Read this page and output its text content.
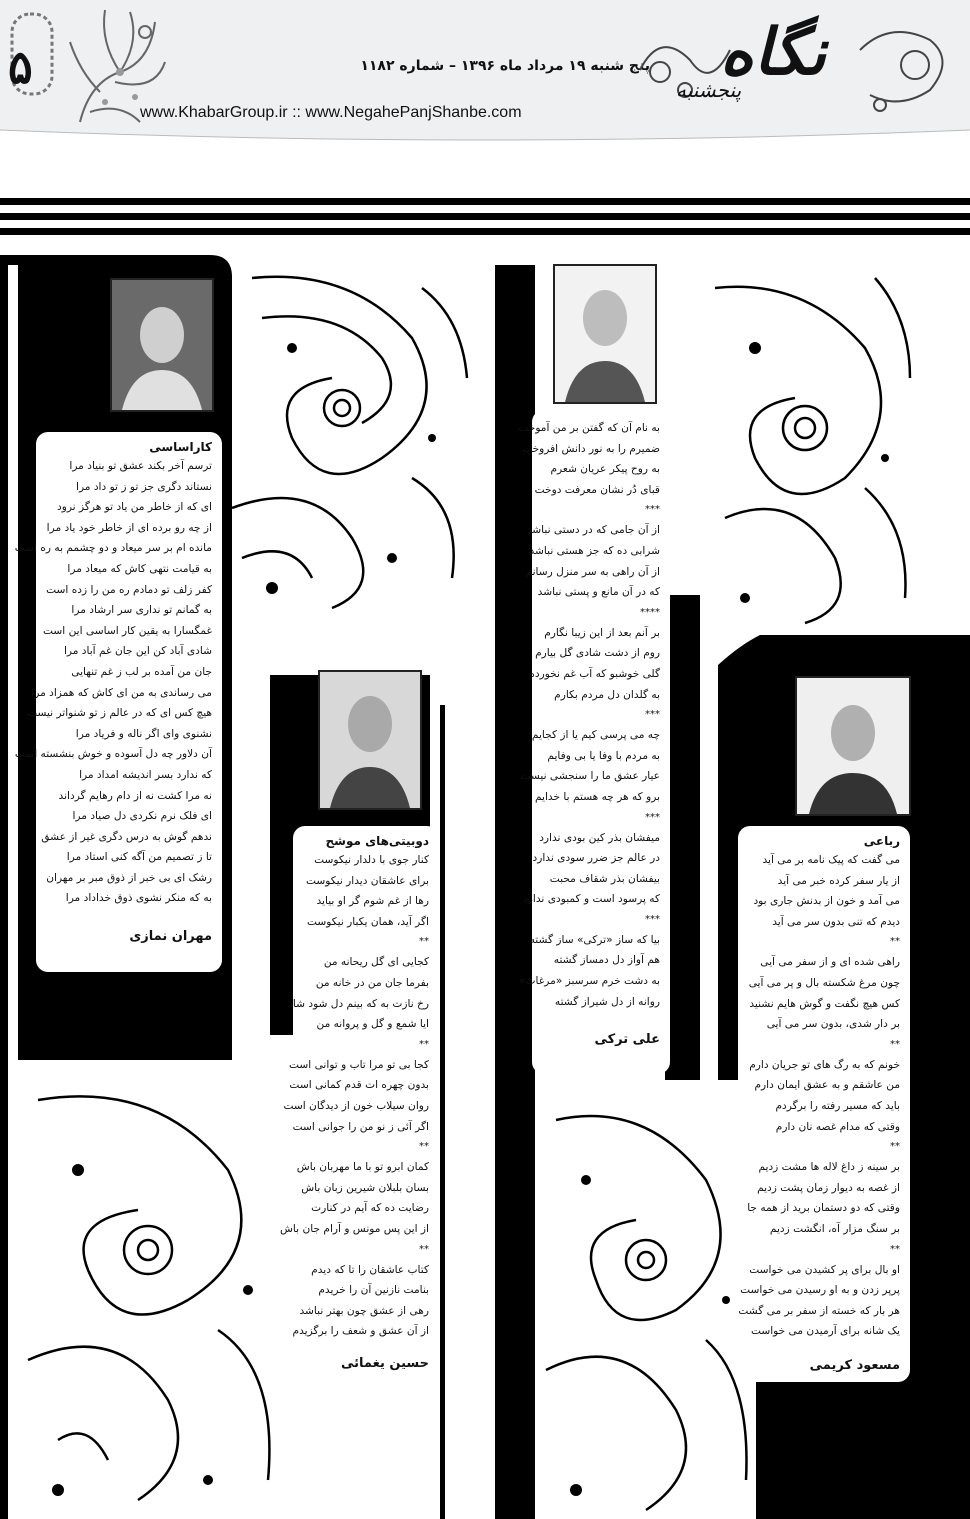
۵	پنج شنبه ۱۹ مرداد ماه ۱۳۹۶ – شماره ۱۱۸۲
www.KhabarGroup.ir :: www.NegahePanjShanbe.com
نگاه
پنجشنبه
کاراساسی
ترسم آخر بکند عشق تو بنیاد مرا
نستاند دگری جز تو ز تو داد مرا
ای که از خاطر من یاد تو هرگز نرود
از چه رو برده ای از خاطر خود یاد مرا
مانده ام بر سر میعاد و دو چشمم به ره است
به قیامت نتهی کاش که میعاد مرا
کفر زلف تو دمادم ره من را زده است
به گمانم تو نداری سر ارشاد مرا
غمگسارا به یقین کار اساسی این است
شادی آباد کن این جان غم آباد مرا
جان من آمده بر لب ز غم تنهایی
می رساندی به من ای کاش که همزاد مرا
هیچ کس ای که در عالم ز تو شنواتر نیست
نشنوی وای اگر ناله و فریاد مرا
آن دلاور چه دل آسوده و خوش بنشسته است
که ندارد بسر اندیشه امداد مرا
نه مرا کشت نه از دام رهایم گرداند
ای فلک نرم نکردی دل صیاد مرا
ندهم گوش به درس دگری غیر از عشق
تا ز تصمیم من آگه کنی استاد مرا
رشک ای بی خبر از ذوق مبر بر مهران
به که منکر نشوی ذوق خداداد مرا
مهران نمازی
دوبیتی‌های موشح
کنار جوی با دلدار نیکوست
برای عاشقان دیدار نیکوست
رها از غم شوم گر او بیاید
اگر آید، همان یکبار نیکوست
**
کجایی ای گل ریحانه من
بفرما جان من در خانه من
رخ نازت به که بینم دل شود شاد
ایا شمع و گل و پروانه من
**
کجا بی تو مرا تاب و توانی است
بدون چهره ات قدم کمانی است
روان سیلاب خون از دیدگان است
اگر آئی ز نو من را جوانی است
**
کمان ابرو تو با ما مهربان باش
بسان بلبلان شیرین زبان باش
رضایت ده که آیم در کنارت
از این پس مونس و آرام جان باش
**
کتاب عاشقان را تا که دیدم
بنامت نازنین آن را خریدم
رهی از عشق چون بهتر نباشد
از آن عشق و شعف را برگزیدم
حسین یغمائی
به نام آن که گفتن بر من آموخت
ضمیرم را به نور دانش افروخت
به روح پیکر عریان شعرم
قبای دُر نشان معرفت دوخت
***
از آن جامی که در دستی نباشد
شرابی ده که جز هستی نباشد
از آن راهی به سر منزل رسانم
که در آن مانع و پستی نباشد
****
بر آنم بعد از این زیبا نگارم
روم از دشت شادی گل بیارم
گلی خوشبو که آب غم نخورده
به گلدان دل مردم بکارم
***
چه می پرسی کیم یا از کجایم
به مردم با وفا یا بی وفایم
عیار عشق ما را سنجشی نیست
برو که هر چه هستم با خدایم
***
میفشان بذر کین بودی ندارد
در عالم جز ضرر سودی ندارد
بیفشان بذر شقاف محبت
که پرسود است و کمبودی ندارد
***
بیا که ساز «ترکی» ساز گشته
هم آواز دل دمساز گشته
به دشت خرم سرسبز «مرغاب»
روانه از دل شیراز گشته
علی ترکی
رباعی
می گفت که پیک نامه بر می آید
از یار سفر کرده خبر می آید
می آمد و خون از بدنش جاری بود
دیدم که تنی بدون سر می آید
**
راهی شده ای و از سفر می آیی
چون مرغ شکسته بال و پر می آیی
کس هیچ نگفت و گوش هایم نشنید
بر دار شدی، بدون سر می آیی
**
خونم که به رگ های تو جریان دارم
من عاشقم و به عشق ایمان دارم
باید که مسیر رفته را برگردم
وقتی که مدام غصه نان دارم
**
بر سینه ز داغ لاله ها مشت زدیم
از غصه به دیوار زمان پشت زدیم
وقتی که دو دستمان برید از همه جا
بر سنگ مزار آه، انگشت زدیم
**
او بال برای پر کشیدن می خواست
پرپر زدن و به او رسیدن می خواست
هر بار که خسته از سفر بر می گشت
یک شانه برای آرمیدن می خواست
مسعود کریمی
